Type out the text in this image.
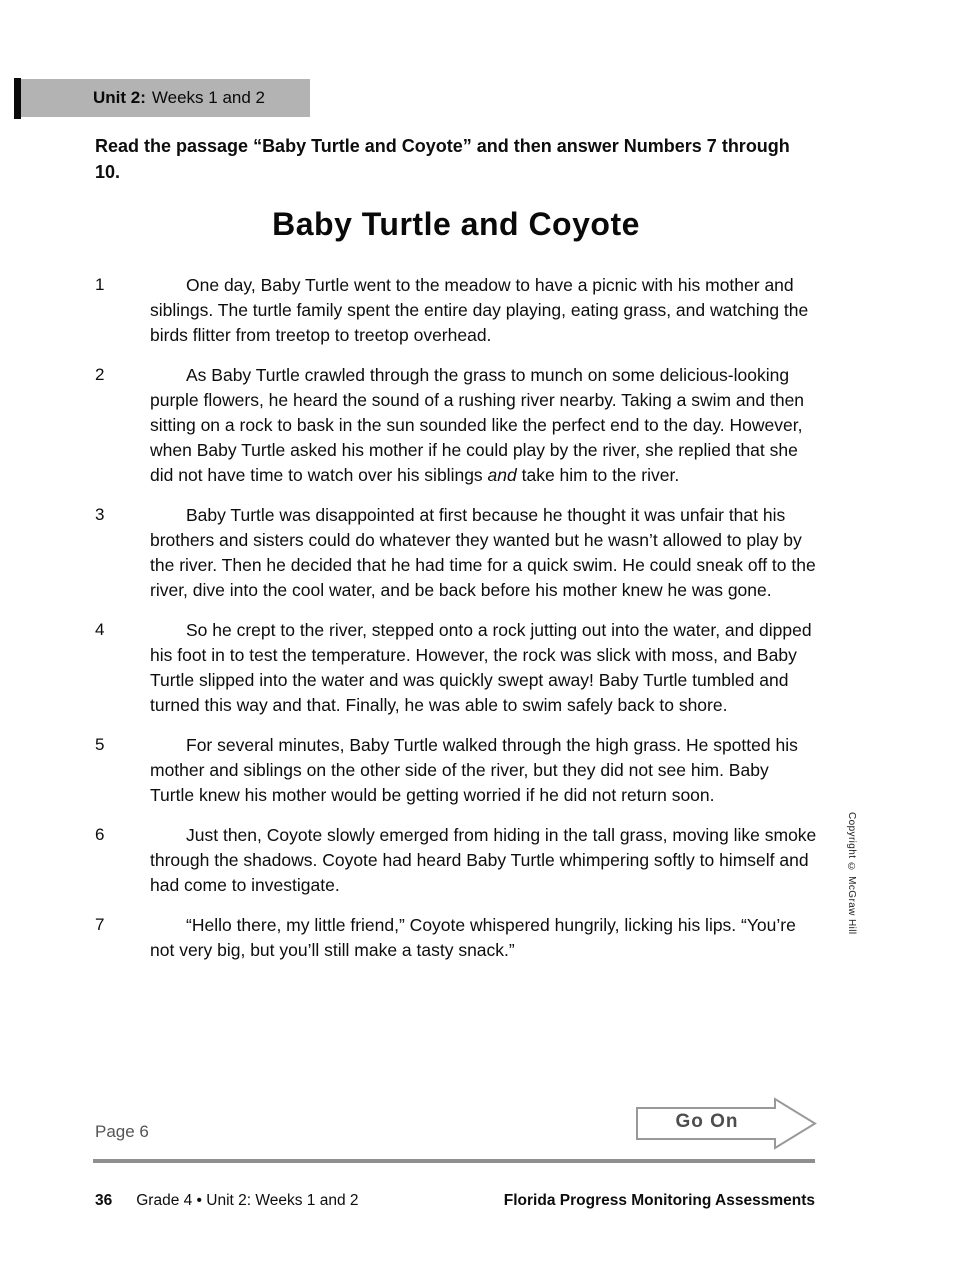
Unit 2: Weeks 1 and 2

Read the passage “Baby Turtle and Coyote” and then answer Numbers 7 through 10.

Baby Turtle and Coyote
1	One day, Baby Turtle went to the meadow to have a picnic with his mother and siblings. The turtle family spent the entire day playing, eating grass, and watching the birds flitter from treetop to treetop overhead.

2	As Baby Turtle crawled through the grass to munch on some delicious-looking purple flowers, he heard the sound of a rushing river nearby. Taking a swim and then sitting on a rock to bask in the sun sounded like the perfect end to the day. However, when Baby Turtle asked his mother if he could play by the river, she replied that she did not have time to watch over his siblings and take him to the river.

3	Baby Turtle was disappointed at first because he thought it was unfair that his brothers and sisters could do whatever they wanted but he wasn’t allowed to play by the river. Then he decided that he had time for a quick swim. He could sneak off to the river, dive into the cool water, and be back before his mother knew he was gone.

4	So he crept to the river, stepped onto a rock jutting out into the water, and dipped his foot in to test the temperature. However, the rock was slick with moss, and Baby Turtle slipped into the water and was quickly swept away! Baby Turtle tumbled and turned this way and that. Finally, he was able to swim safely back to shore.

5	For several minutes, Baby Turtle walked through the high grass. He spotted his mother and siblings on the other side of the river, but they did not see him. Baby Turtle knew his mother would be getting worried if he did not return soon.

6	Just then, Coyote slowly emerged from hiding in the tall grass, moving like smoke through the shadows. Coyote had heard Baby Turtle whimpering softly to himself and had come to investigate.

7	“Hello there, my little friend,” Coyote whispered hungrily, licking his lips. “You’re not very big, but you’ll still make a tasty snack.”

Copyright © McGraw Hill
Page 6	Go On
36 Grade 4 • Unit 2: Weeks 1 and 2	Florida Progress Monitoring Assessments
